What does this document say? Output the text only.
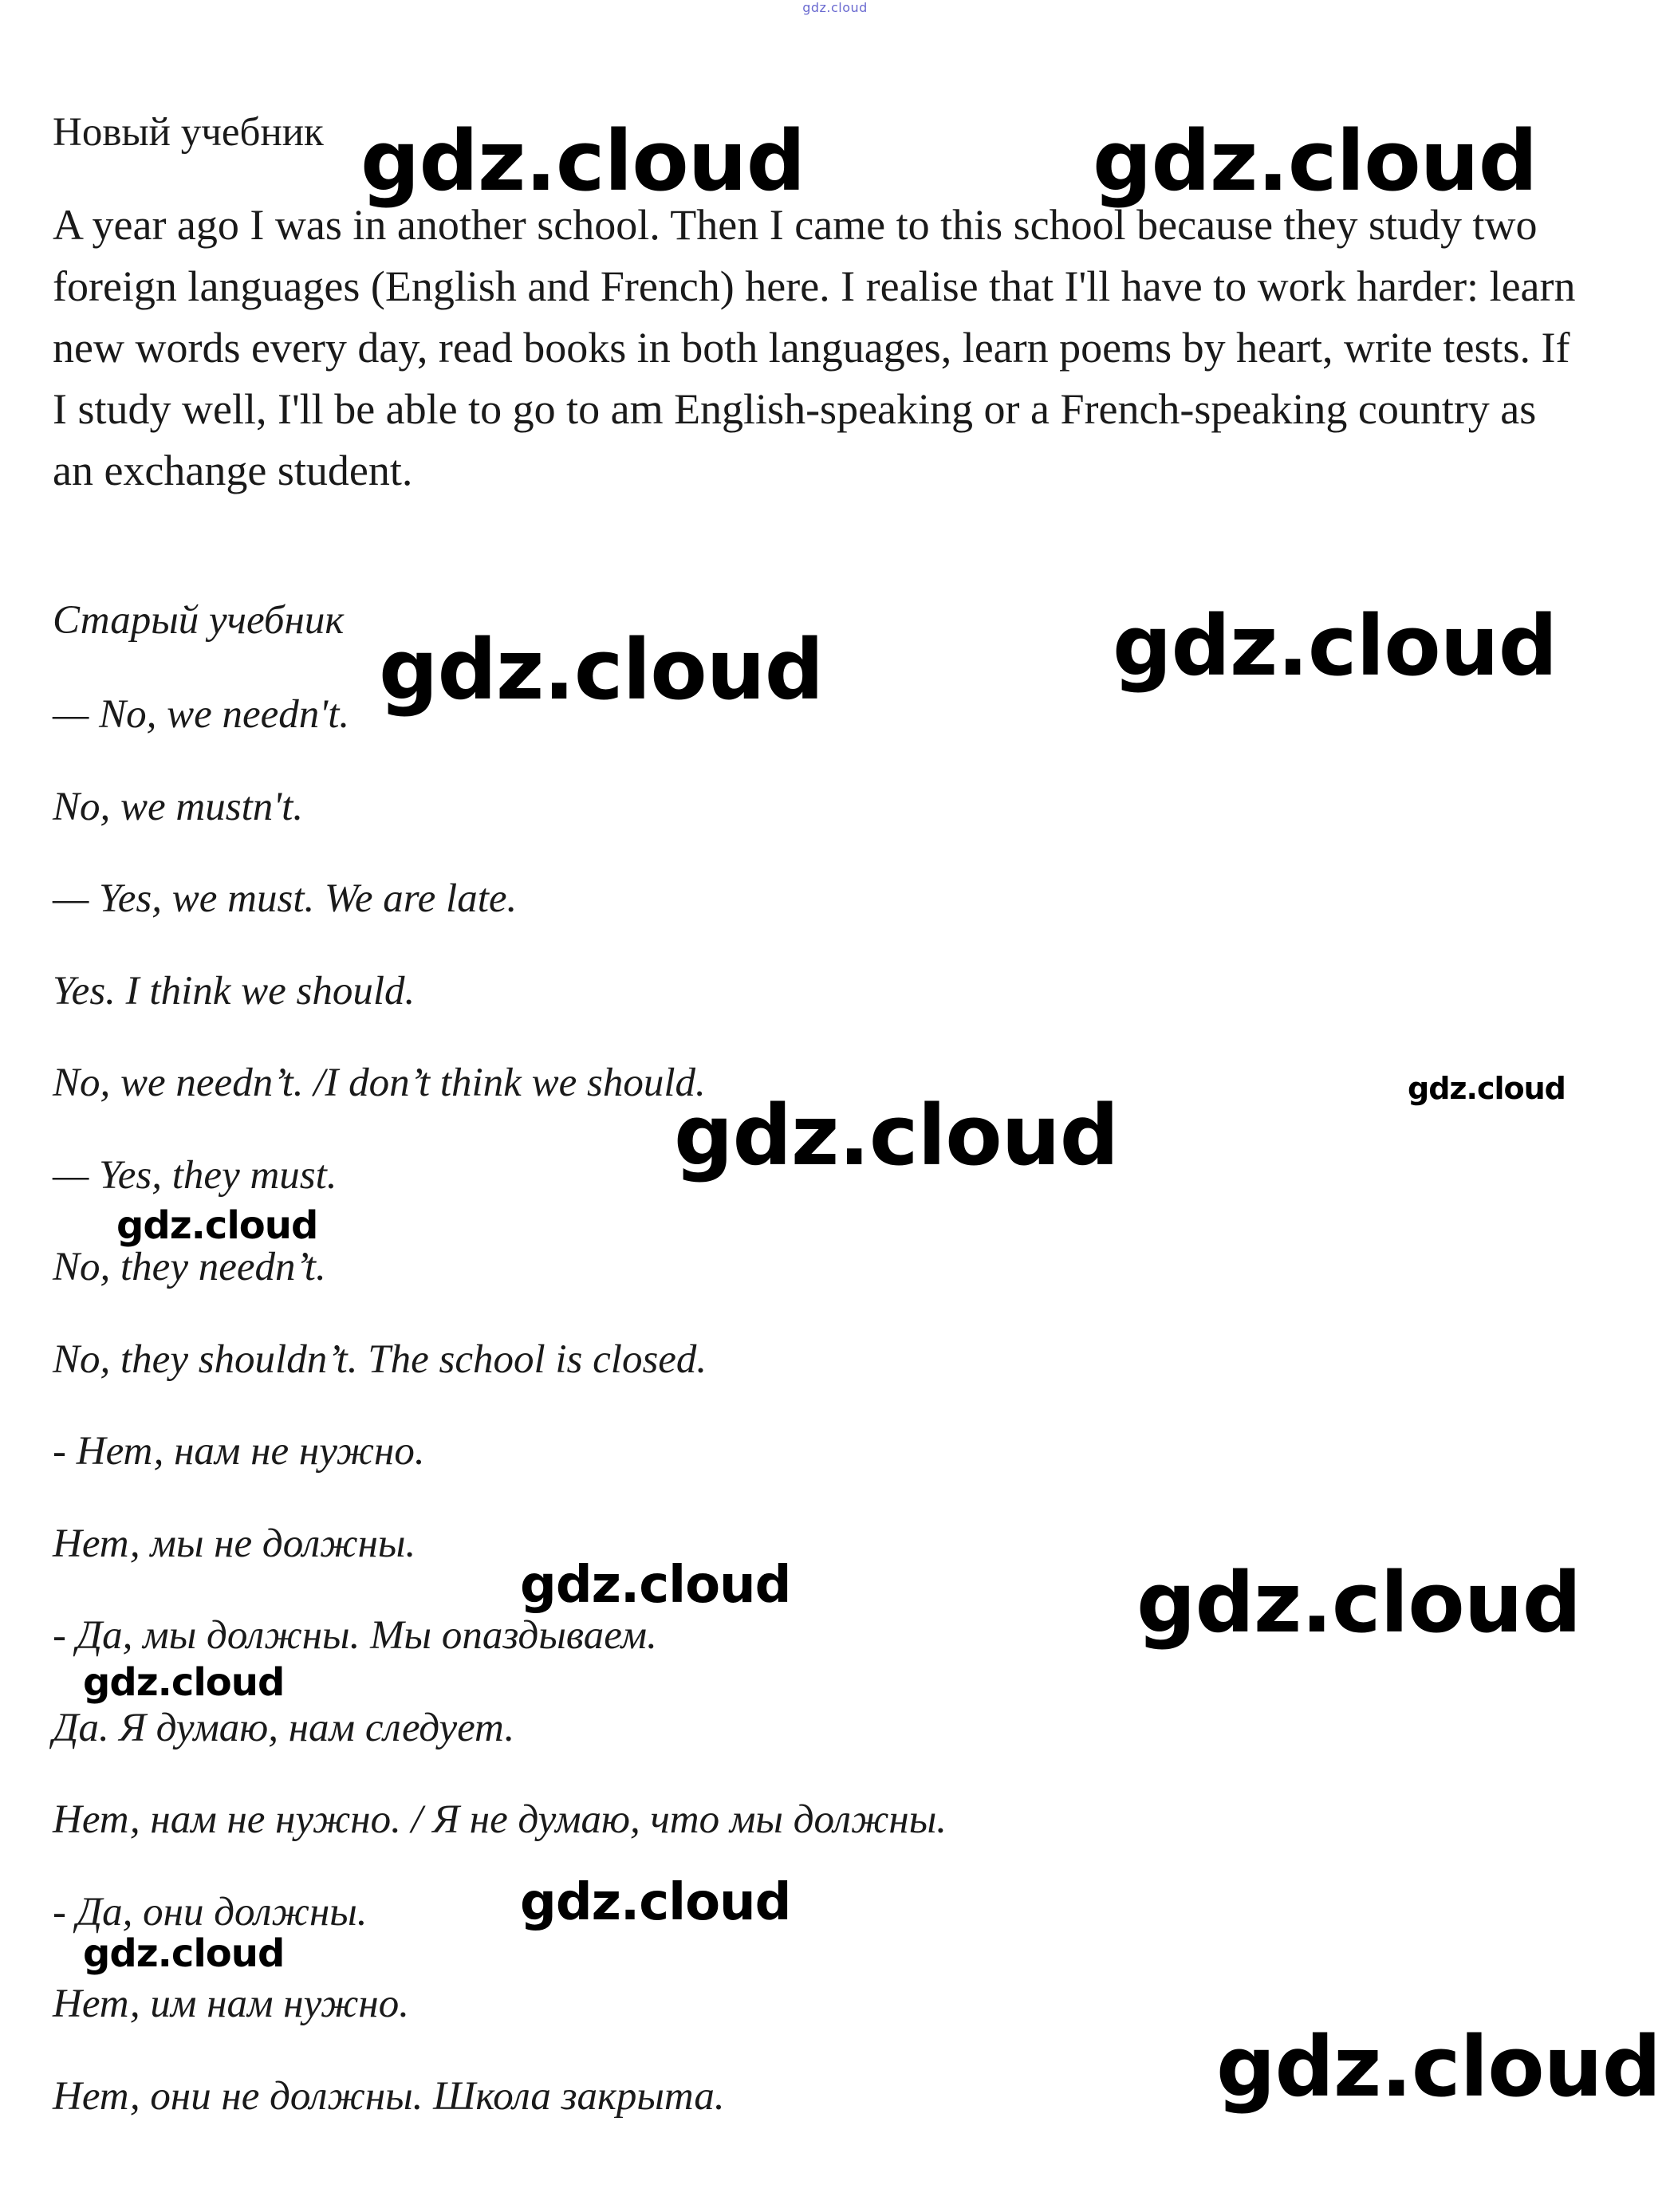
gdz.cloud
Новый учебник

A year ago I was in another school. Then I came to this school because they study two foreign languages (English and French) here. I realise that I'll have to work harder: learn new words every day, read books in both languages, learn poems by heart, write tests. If I study well, I'll be able to go to am English-speaking or a French-speaking country as an exchange student.

Старый учебник
— No, we needn't.
No, we mustn't.
— Yes, we must. We are late.
Yes. I think we should.
No, we needn’t. /I don’t think we should.
— Yes, they must.
No, they needn’t.
No, they shouldn’t. The school is closed.
- Нет, нам не нужно.
Нет, мы не должны.
- Да, мы должны. Мы опаздываем.
Да. Я думаю, нам следует.
Нет, нам не нужно. / Я не думаю, что мы должны.
- Да, они должны.
Нет, им нам нужно.
Нет, они не должны. Школа закрыта.
gdz.cloud	gdz.cloud
gdz.cloud	gdz.cloud
gdz.cloud
gdz.cloud
gdz.cloud
gdz.cloud	gdz.cloud
gdz.cloud
gdz.cloud
gdz.cloud
gdz.cloud
